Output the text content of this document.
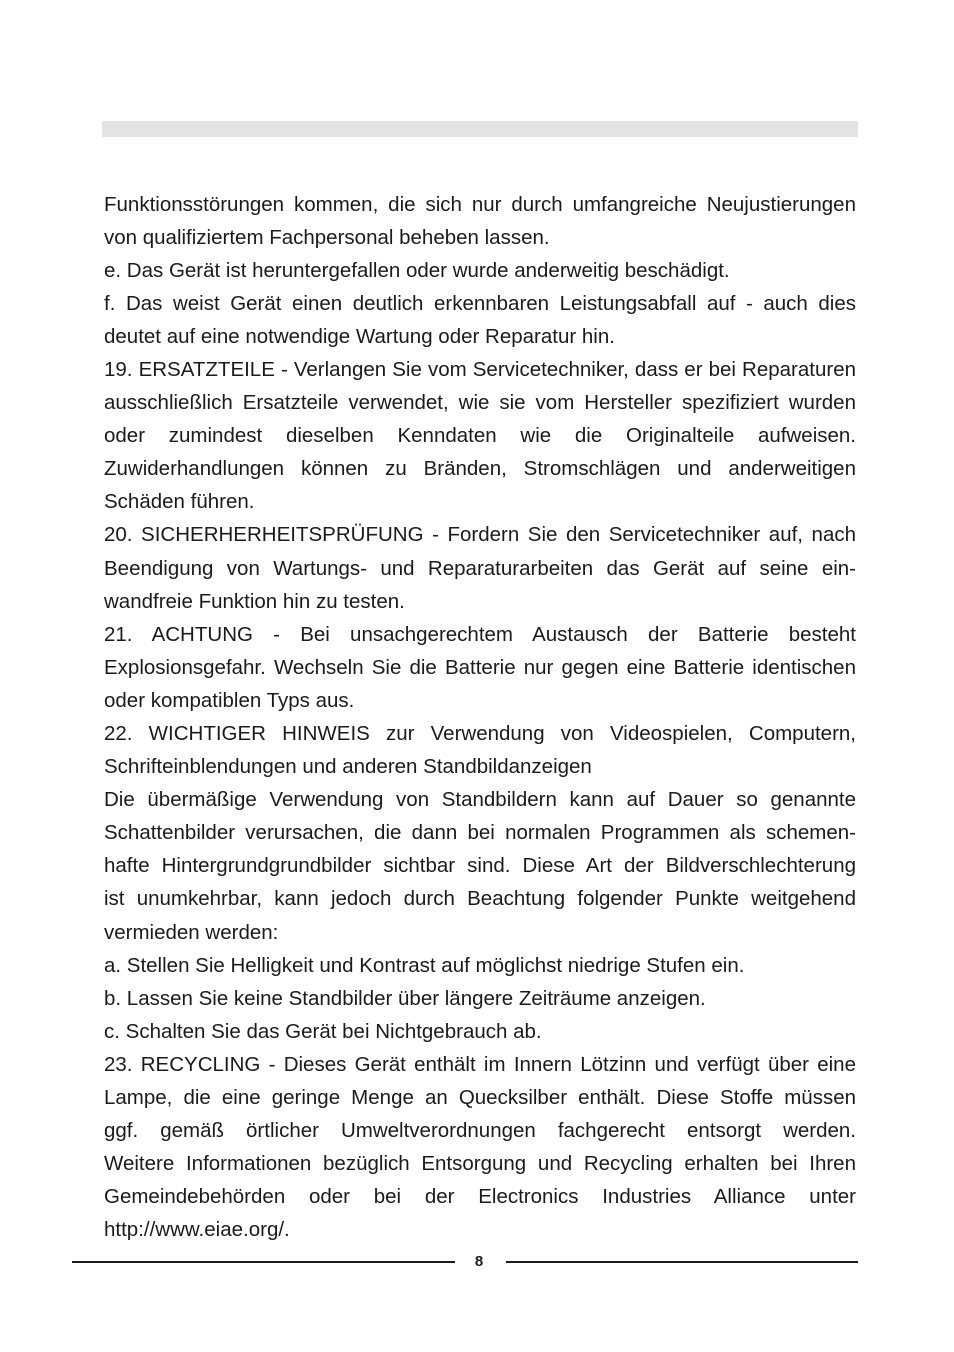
Funktionsstörungen kommen, die sich nur durch umfangreiche Neujustierungen
von qualifiziertem Fachpersonal beheben lassen.
e. Das Gerät ist heruntergefallen oder wurde anderweitig beschädigt.
f. Das weist Gerät einen deutlich erkennbaren Leistungsabfall auf - auch dies
deutet auf eine notwendige Wartung oder Reparatur hin.
19. ERSATZTEILE - Verlangen Sie vom Servicetechniker, dass er bei Reparaturen
ausschließlich Ersatzteile verwendet, wie sie vom Hersteller spezifiziert wurden
oder zumindest dieselben Kenndaten wie die Originalteile aufweisen.
Zuwiderhandlungen können zu Bränden, Stromschlägen und anderweitigen
Schäden führen.
20. SICHERHERHEITSPRÜFUNG - Fordern Sie den Servicetechniker auf, nach
Beendigung von Wartungs- und Reparaturarbeiten das Gerät auf seine ein-
wandfreie Funktion hin zu testen.
21. ACHTUNG - Bei unsachgerechtem Austausch der Batterie besteht
Explosionsgefahr. Wechseln Sie die Batterie nur gegen eine Batterie identischen
oder kompatiblen Typs aus.
22. WICHTIGER HINWEIS zur Verwendung von Videospielen, Computern,
Schrifteinblendungen und anderen Standbildanzeigen
Die übermäßige Verwendung von Standbildern kann auf Dauer so genannte
Schattenbilder verursachen, die dann bei normalen Programmen als schemen-
hafte Hintergrundgrundbilder sichtbar sind. Diese Art der Bildverschlechterung
ist unumkehrbar, kann jedoch durch Beachtung folgender Punkte weitgehend
vermieden werden:
a. Stellen Sie Helligkeit und Kontrast auf möglichst niedrige Stufen ein.
b. Lassen Sie keine Standbilder über längere Zeiträume anzeigen.
c. Schalten Sie das Gerät bei Nichtgebrauch ab.
23. RECYCLING - Dieses Gerät enthält im Innern Lötzinn und verfügt über eine
Lampe, die eine geringe Menge an Quecksilber enthält. Diese Stoffe müssen
ggf. gemäß örtlicher Umweltverordnungen fachgerecht entsorgt werden.
Weitere Informationen bezüglich Entsorgung und Recycling erhalten bei Ihren
Gemeindebehörden oder bei der Electronics Industries Alliance unter
http://www.eiae.org/.
8
